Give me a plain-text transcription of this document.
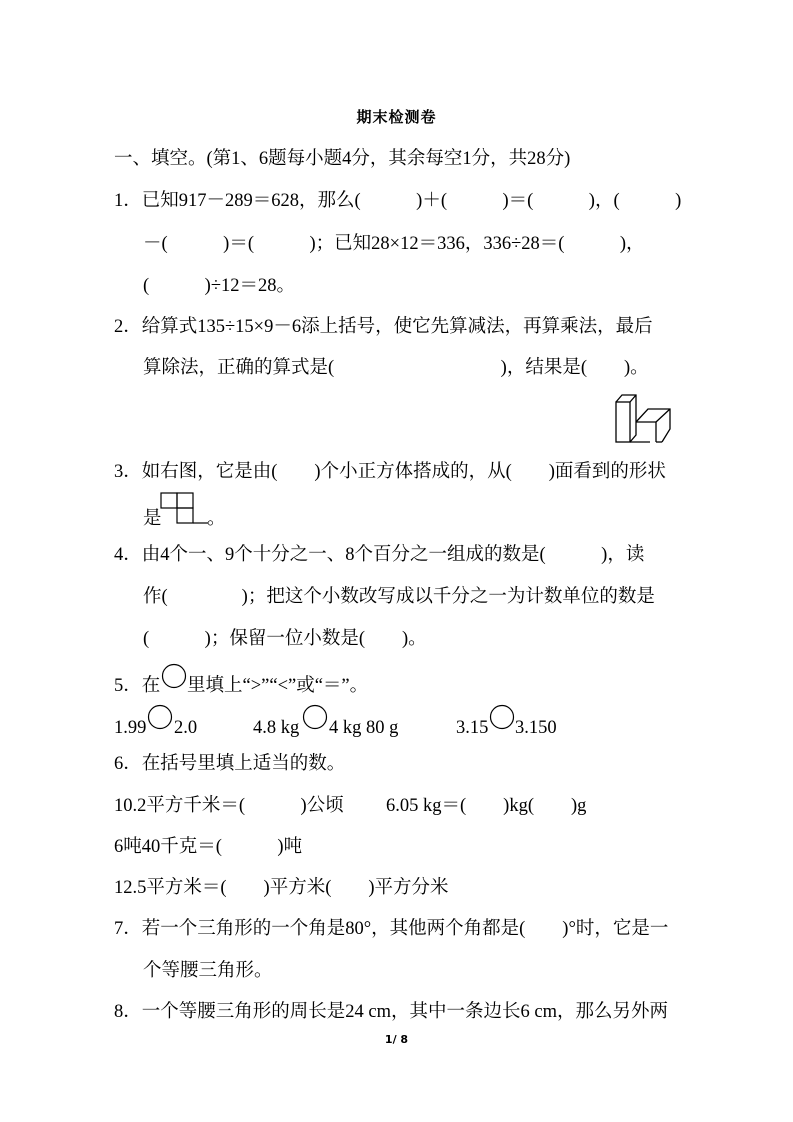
期末检测卷
一、填空。(第1、6题每小题4分，其余每空1分，共28分)
1．已知917－289＝628，那么(　　　)＋(　　　)＝(　　　)，(　　　)
－(　　　)＝(　　　)；已知28×12＝336，336÷28＝(　　　)，
(　　　)÷12＝28。
2．给算式135÷15×9－6添上括号，使它先算减法，再算乘法，最后
算除法，正确的算式是(　　　　　　　　　)，结果是(　　)。
3．如右图，它是由(　　)个小正方体搭成的，从(　　)面看到的形状
是 。
4．由4个一、9个十分之一、8个百分之一组成的数是(　　　)，读
作(　　　　)；把这个小数改写成以千分之一为计数单位的数是
(　　　)；保留一位小数是(　　)。
5．在 里填上“>”“<”或“＝”。
1.99 2.0	4.8 kg 4 kg 80 g	3.15 3.150
6．在括号里填上适当的数。
10.2平方千米＝(　　　)公顷 6.05 kg＝(　　)kg(　　)g
6吨40千克＝(　　　)吨
12.5平方米＝(　　)平方米(　　)平方分米
7．若一个三角形的一个角是80°，其他两个角都是(　　)°时，它是一
个等腰三角形。
8．一个等腰三角形的周长是24 cm，其中一条边长6 cm，那么另外两
1/ 8
